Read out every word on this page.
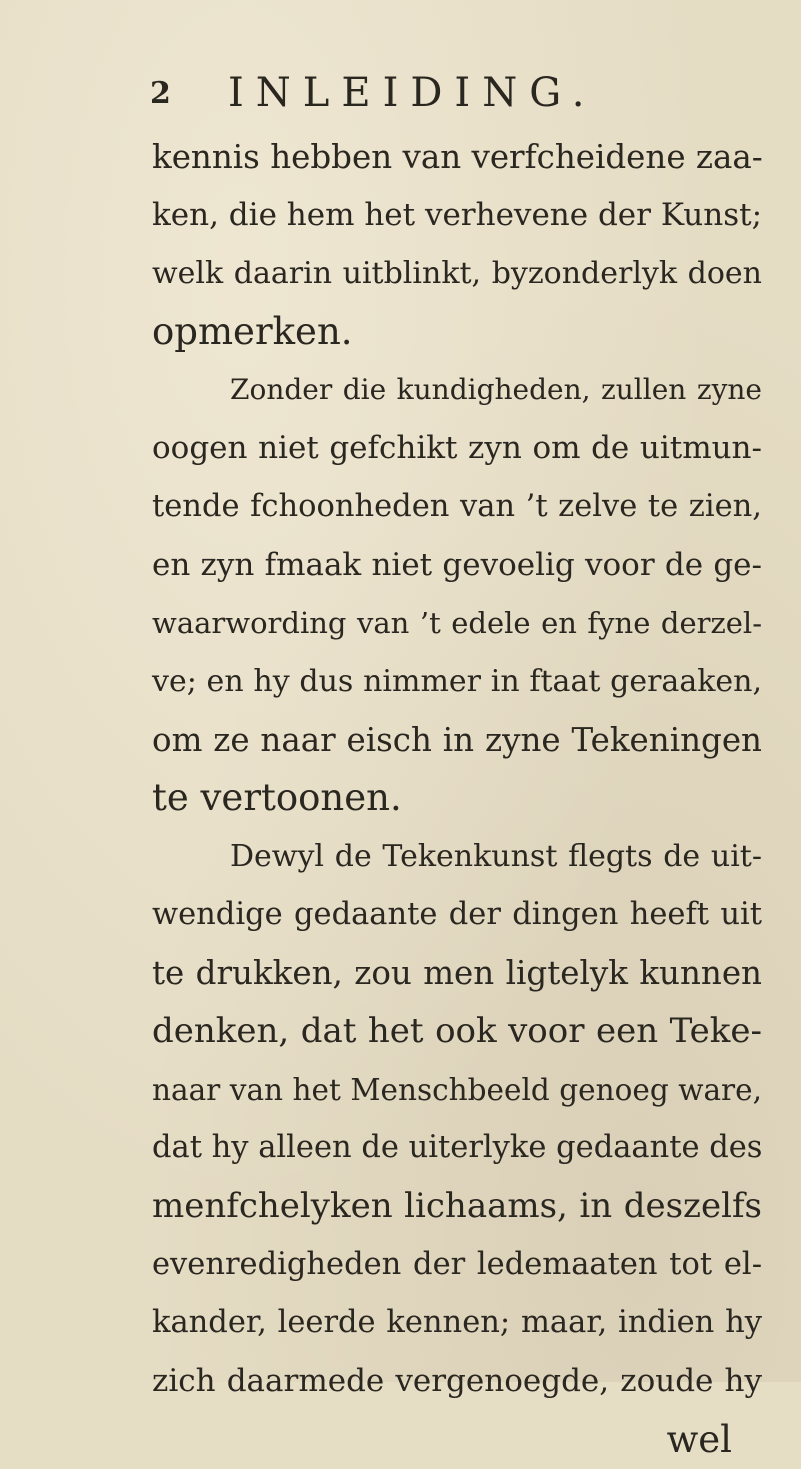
2 INLEIDING.
kennis hebben van verfcheidene zaa-
ken, die hem het verhevene der Kunst;
welk daarin uitblinkt, byzonderlyk doen
opmerken.
Zonder die kundigheden, zullen zyne
oogen niet gefchikt zyn om de uitmun-
tende fchoonheden van ’t zelve te zien,
en zyn fmaak niet gevoelig voor de ge-
waarwording van ’t edele en fyne derzel-
ve; en hy dus nimmer in ftaat geraaken,
om ze naar eisch in zyne Tekeningen
te vertoonen.
Dewyl de Tekenkunst flegts de uit-
wendige gedaante der dingen heeft uit
te drukken, zou men ligtelyk kunnen
denken, dat het ook voor een Teke-
naar van het Menschbeeld genoeg ware,
dat hy alleen de uiterlyke gedaante des
menfchelyken lichaams, in deszelfs
evenredigheden der ledemaaten tot el-
kander, leerde kennen; maar, indien hy
zich daarmede vergenoegde, zoude hy
wel
